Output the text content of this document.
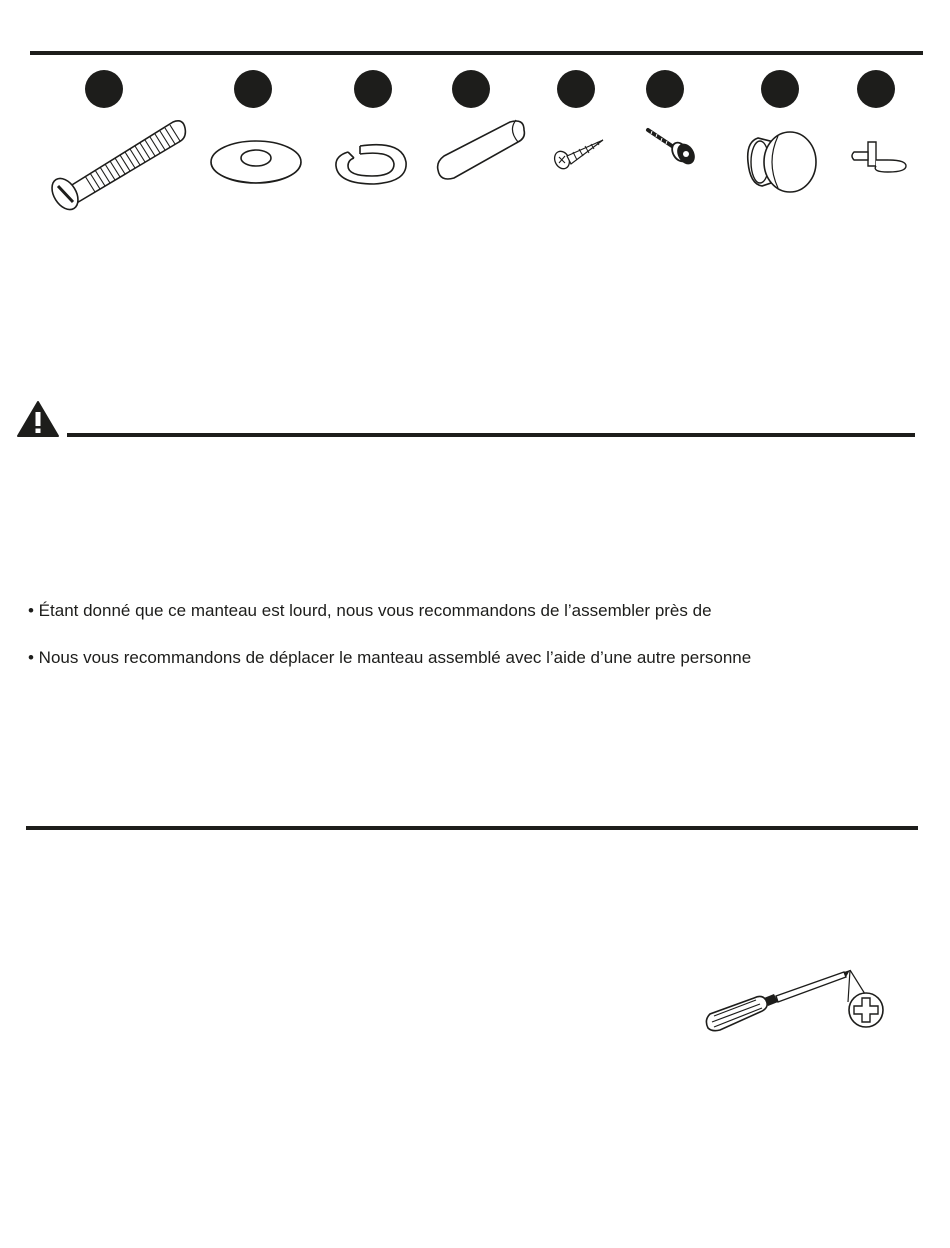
• Étant donné que ce manteau est lourd, nous vous recommandons de l’assembler près de
• Nous vous recommandons de déplacer le manteau assemblé avec l’aide d’une autre personne
